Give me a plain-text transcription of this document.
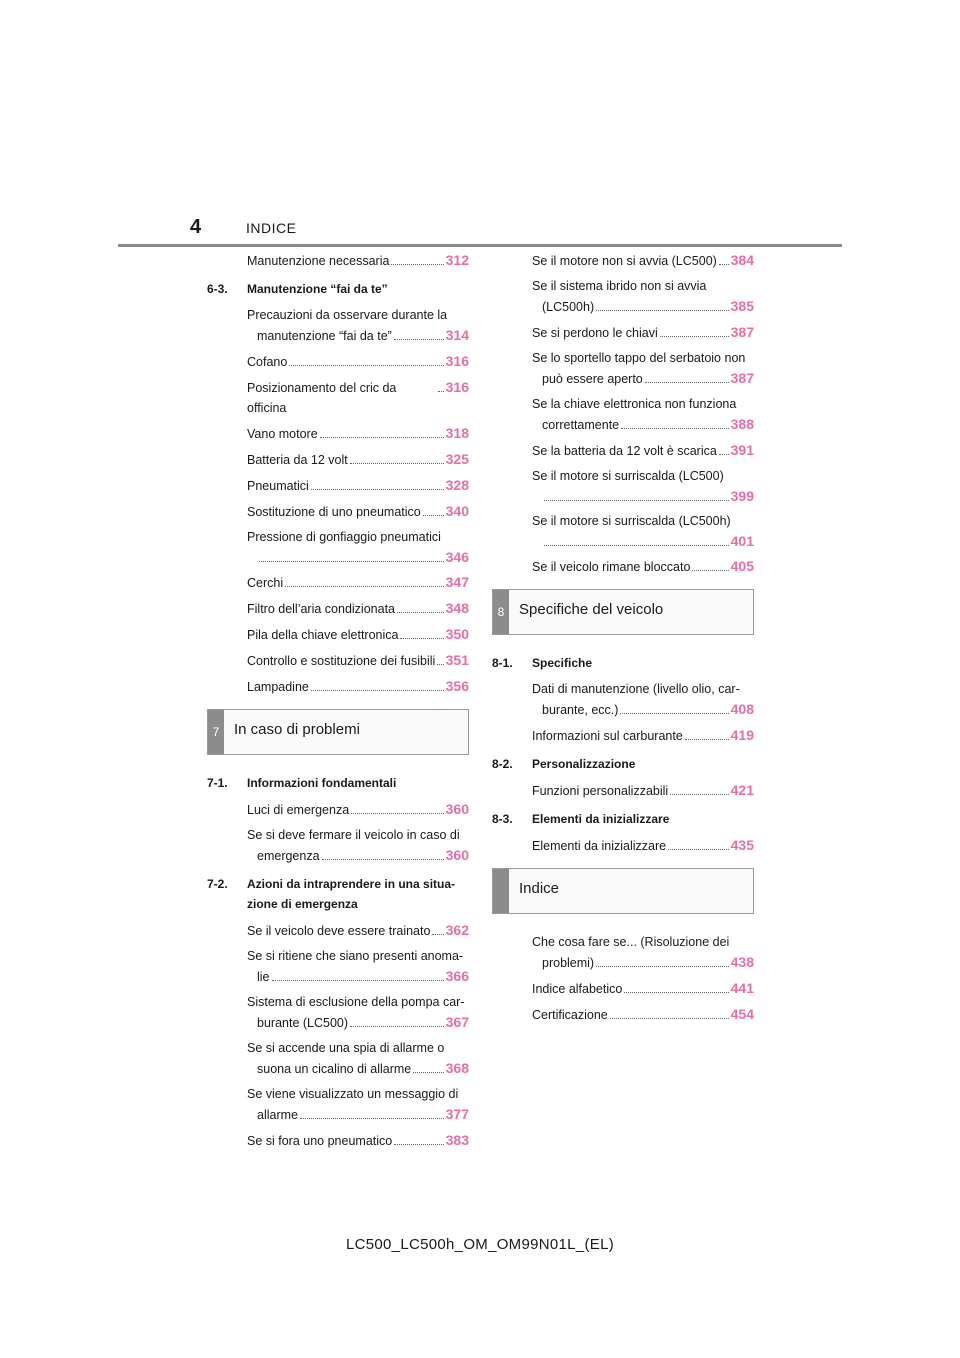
4	INDICE
Manutenzione necessaria	312
6-3. Manutenzione “fai da te”
Precauzioni da osservare durante la
manutenzione “fai da te”	314
Cofano	316
Posizionamento del cric da officina
316
Vano motore	318
Batteria da 12 volt	325
Pneumatici	328
Sostituzione di uno pneumatico 340
Pressione di gonfiaggio pneumatici
346
Cerchi	347
Filtro dell’aria condizionata	348
Pila della chiave elettronica	350
Controllo e sostituzione dei fusibili 351
Lampadine	356
7 In caso di problemi
7-1. Informazioni fondamentali
Luci di emergenza	360
Se si deve fermare il veicolo in caso di
emergenza	360
7-2. Azioni da intraprendere in una situa-
zione di emergenza
Se il veicolo deve essere trainato 362
Se si ritiene che siano presenti anoma-
lie	366
Sistema di esclusione della pompa car-
burante (LC500)	367
Se si accende una spia di allarme o
suona un cicalino di allarme 368
Se viene visualizzato un messaggio di
allarme	377
Se si fora uno pneumatico	383
Se il motore non si avvia (LC500) 384
Se il sistema ibrido non si avvia
(LC500h)	385
Se si perdono le chiavi	387
Se lo sportello tappo del serbatoio non
può essere aperto	387
Se la chiave elettronica non funziona
correttamente	388
Se la batteria da 12 volt è scarica 391
Se il motore si surriscalda (LC500)
399
Se il motore si surriscalda (LC500h)
401
Se il veicolo rimane bloccato	405
8 Specifiche del veicolo
8-1. Specifiche
Dati di manutenzione (livello olio, car-
burante, ecc.)	408
Informazioni sul carburante	419
8-2. Personalizzazione
Funzioni personalizzabili	421
8-3. Elementi da inizializzare
Elementi da inizializzare	435
Indice
Che cosa fare se... (Risoluzione dei
problemi)	438
Indice alfabetico	441
Certificazione	454
LC500_LC500h_OM_OM99N01L_(EL)
